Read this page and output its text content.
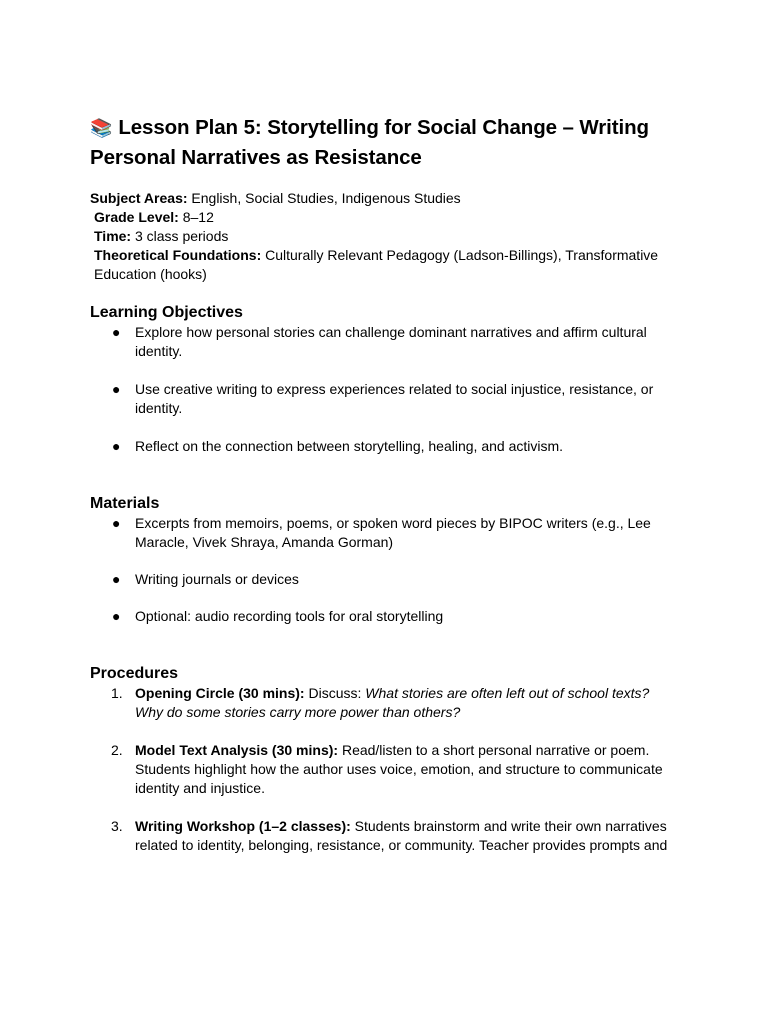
📚 Lesson Plan 5: Storytelling for Social Change – Writing Personal Narratives as Resistance

Subject Areas: English, Social Studies, Indigenous Studies

Grade Level: 8–12

Time: 3 class periods

Theoretical Foundations: Culturally Relevant Pedagogy (Ladson-Billings), Transformative Education (hooks)

Learning Objectives
● Explore how personal stories can challenge dominant narratives and affirm cultural identity.
● Use creative writing to express experiences related to social injustice, resistance, or identity.
● Reflect on the connection between storytelling, healing, and activism.
Materials
● Excerpts from memoirs, poems, or spoken word pieces by BIPOC writers (e.g., Lee Maracle, Vivek Shraya, Amanda Gorman)
● Writing journals or devices
● Optional: audio recording tools for oral storytelling
Procedures
1. Opening Circle (30 mins): Discuss: What stories are often left out of school texts? Why do some stories carry more power than others?
2. Model Text Analysis (30 mins): Read/listen to a short personal narrative or poem. Students highlight how the author uses voice, emotion, and structure to communicate identity and injustice.
3. Writing Workshop (1–2 classes): Students brainstorm and write their own narratives related to identity, belonging, resistance, or community. Teacher provides prompts and
